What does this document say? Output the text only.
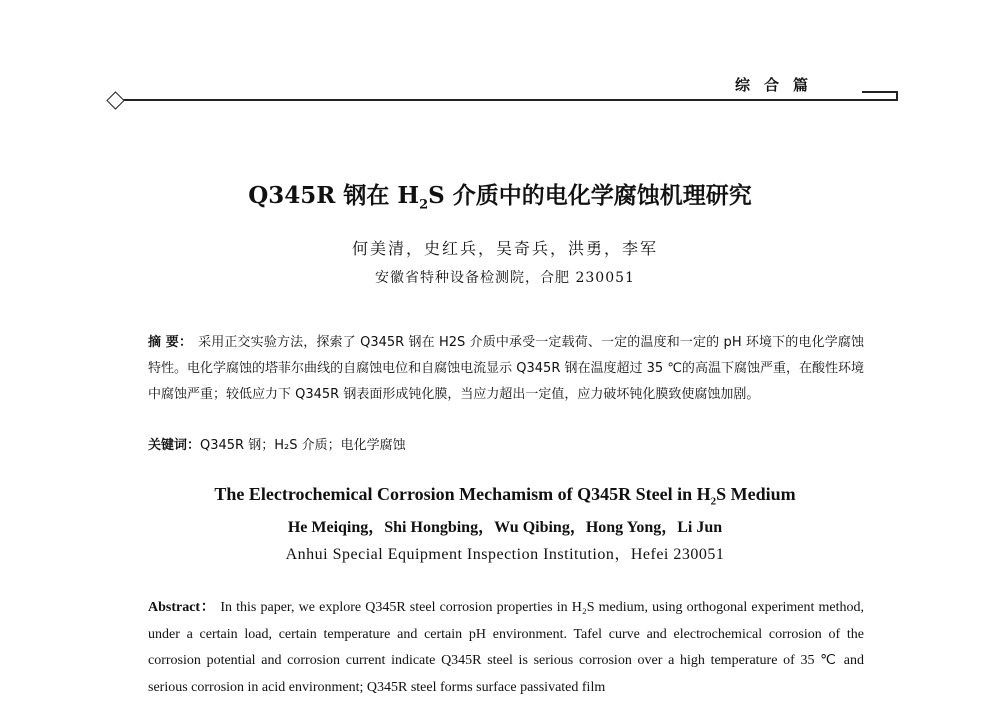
综合篇
Q345R 钢在 $H_2S$ 介质中的电化学腐蚀机理研究
何美清，史红兵，吴奇兵，洪勇，李军
安徽省特种设备检测院，合肥 230051
摘 要： 采用正交实验方法，探索了 Q345R 钢在 H2S 介质中承受一定载荷、一定的温度和一定的 pH 环境下的电化学腐蚀特性。电化学腐蚀的塔菲尔曲线的自腐蚀电位和自腐蚀电流显示 Q345R 钢在温度超过 35 ℃的高温下腐蚀严重，在酸性环境中腐蚀严重；较低应力下 Q345R 钢表面形成钝化膜，当应力超出一定值，应力破坏钝化膜致使腐蚀加剧。
关键词：Q345R 钢；H₂S 介质；电化学腐蚀
The Electrochemical Corrosion Mechamism of Q345R Steel in $H_2S$ Medium
He Meiqing，Shi Hongbing，Wu Qibing，Hong Yong，Li Jun
Anhui Special Equipment Inspection Institution，Hefei 230051
Abstract： In this paper, we explore Q345R steel corrosion properties in H₂S medium, using orthogonal experiment method, under a certain load, certain temperature and certain pH environment. Tafel curve and electrochemical corrosion of the corrosion potential and corrosion current indicate Q345R steel is serious corrosion over a high temperature of 35 ℃ and serious corrosion in acid environment; Q345R steel forms surface passivated film
